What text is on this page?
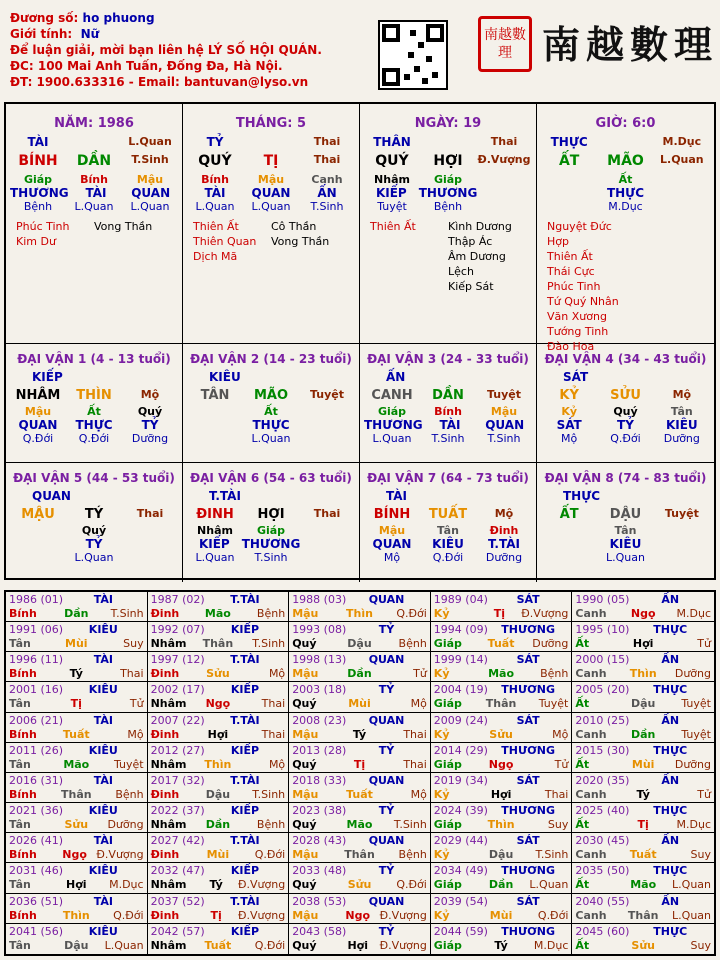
Đương số: ho phuong
Giới tính: Nữ
Để luận giải, mời bạn liên hệ LÝ SỐ HỘI QUÁN.
ĐC: 100 Mai Anh Tuấn, Đống Đa, Hà Nội.
ĐT: 1900.633316 - Email: bantuvan@lyso.vn
南越數理 南越數理
NĂM: 1986
TÀI	L.Quan
BÍNH	DẦN	T.Sinh
Giáp	Bính	Mậu
THƯƠNG	TÀI	QUAN
Bệnh	L.Quan	L.Quan
Phúc Tinh
Kim Dư
Vong Thần
THÁNG: 5
TỶ	Thai
QUÝ	TỊ	Thai
Bính	Mậu	Canh
TÀI	QUAN	ẤN
L.Quan	L.Quan	T.Sinh
Thiên Ất
Thiên Quan
Dịch Mã
Cô Thần
Vong Thần
NGÀY: 19
THÂN	Thai
QUÝ	HỢI	Đ.Vượng
Nhâm	Giáp
KIẾP THƯƠNG
Tuyệt	Bệnh
Thiên Ất	Kình Dương
Thập Ác
Âm Dương Lệch
Kiếp Sát
GIỜ: 6:0
THỰC	M.Dục
ẤT	MÃO	L.Quan
Ất
THỰC
M.Dục
Nguyệt Đức Hợp
Thiên Ất
Thái Cực
Phúc Tinh
Tứ Quý Nhân
Văn Xương
Tướng Tinh
Đào Hoa
ĐẠI VẬN 1 (4 - 13 tuổi)
KIẾP
NHÂM	THÌN	Mộ
Mậu	Ất	Quý
QUAN	THỰC	TỶ
Q.Đới	Q.Đới	Dưỡng
ĐẠI VẬN 2 (14 - 23 tuổi)
KIÊU
TÂN	MÃO	Tuyệt
Ất
THỰC
L.Quan
ĐẠI VẬN 3 (24 - 33 tuổi)
ẤN
CANH	DẦN	Tuyệt
Giáp	Bính	Mậu
THƯƠNG	TÀI	QUAN
L.Quan	T.Sinh	T.Sinh
ĐẠI VẬN 4 (34 - 43 tuổi)
SÁT
KỶ	SỬU	Mộ
Kỷ	Quý	Tân
SÁT	TỶ	KIÊU
Mộ	Q.Đới	Dưỡng
ĐẠI VẬN 5 (44 - 53 tuổi)
QUAN
MẬU	TÝ	Thai
Quý
TỶ
L.Quan
ĐẠI VẬN 6 (54 - 63 tuổi)
T.TÀI
ĐINH	HỢI	Thai
Nhâm	Giáp
KIẾP THƯƠNG
L.Quan	T.Sinh
ĐẠI VẬN 7 (64 - 73 tuổi)
TÀI
BÍNH	TUẤT	Mộ
Mậu	Tân	Đinh
QUAN	KIÊU	T.TÀI
Mộ	Q.Đới	Dưỡng
ĐẠI VẬN 8 (74 - 83 tuổi)
THỰC
ẤT	DẬU	Tuyệt
Tân
KIÊU
L.Quan
1986 (01)	TÀI
Bính	Dần	T.Sinh
1987 (02)	T.TÀI
Đinh	Mão	Bệnh
1988 (03)	QUAN
Mậu	Thìn	Q.Đới
1989 (04)	SÁT
Kỷ	Tị	Đ.Vượng
1990 (05)	ẤN
Canh	Ngọ	M.Dục
1991 (06)	KIÊU
Tân	Mùi	Suy
1992 (07)	KIẾP
Nhâm	Thân	T.Sinh
1993 (08)	TỶ
Quý	Dậu	Bệnh
1994 (09)	THƯƠNG
Giáp	Tuất	Dưỡng
1995 (10)	THỰC
Ất	Hợi	Tử
1996 (11)	TÀI
Bính	Tý	Thai
1997 (12)	T.TÀI
Đinh	Sửu	Mộ
1998 (13)	QUAN
Mậu	Dần	Tử
1999 (14)	SÁT
Kỷ	Mão	Bệnh
2000 (15)	ẤN
Canh	Thìn	Dưỡng
2001 (16)	KIÊU
Tân	Tị	Tử
2002 (17)	KIẾP
Nhâm	Ngọ	Thai
2003 (18)	TỶ
Quý	Mùi	Mộ
2004 (19)	THƯƠNG
Giáp	Thân	Tuyệt
2005 (20)	THỰC
Ất	Dậu	Tuyệt
2006 (21)	TÀI
Bính	Tuất	Mộ
2007 (22)	T.TÀI
Đinh	Hợi	Thai
2008 (23)	QUAN
Mậu	Tý	Thai
2009 (24)	SÁT
Kỷ	Sửu	Mộ
2010 (25)	ẤN
Canh	Dần	Tuyệt
2011 (26)	KIÊU
Tân	Mão	Tuyệt
2012 (27)	KIẾP
Nhâm	Thìn	Mộ
2013 (28)	TỶ
Quý	Tị	Thai
2014 (29)	THƯƠNG
Giáp	Ngọ	Tử
2015 (30)	THỰC
Ất	Mùi	Dưỡng
2016 (31)	TÀI
Bính	Thân	Bệnh
2017 (32)	T.TÀI
Đinh	Dậu	T.Sinh
2018 (33)	QUAN
Mậu	Tuất	Mộ
2019 (34)	SÁT
Kỷ	Hợi	Thai
2020 (35)	ẤN
Canh	Tý	Tử
2021 (36)	KIÊU
Tân	Sửu	Dưỡng
2022 (37)	KIẾP
Nhâm	Dần	Bệnh
2023 (38)	TỶ
Quý	Mão	T.Sinh
2024 (39)	THƯƠNG
Giáp	Thìn	Suy
2025 (40)	THỰC
Ất	Tị	M.Dục
2026 (41)	TÀI
Bính	Ngọ Đ.Vượng
2027 (42)	T.TÀI
Đinh	Mùi	Q.Đới
2028 (43)	QUAN
Mậu	Thân	Bệnh
2029 (44)	SÁT
Kỷ	Dậu	T.Sinh
2030 (45)	ẤN
Canh	Tuất	Suy
2031 (46)	KIÊU
Tân	Hợi	M.Dục
2032 (47)	KIẾP
Nhâm	Tý	Đ.Vượng
2033 (48)	TỶ
Quý	Sửu	Q.Đới
2034 (49)	THƯƠNG
Giáp	Dần	L.Quan
2035 (50)	THỰC
Ất	Mão	L.Quan
2036 (51)	TÀI
Bính	Thìn	Q.Đới
2037 (52)	T.TÀI
Đinh	Tị	Đ.Vượng
2038 (53)	QUAN
Mậu	Ngọ Đ.Vượng
2039 (54)	SÁT
Kỷ	Mùi	Q.Đới
2040 (55)	ẤN
Canh	Thân	L.Quan
2041 (56)	KIÊU
Tân	Dậu	L.Quan
2042 (57)	KIẾP
Nhâm	Tuất	Q.Đới
2043 (58)	TỶ
Quý	Hợi	Đ.Vượng
2044 (59)	THƯƠNG
Giáp	Tý	M.Dục
2045 (60)	THỰC
Ất	Sửu	Suy
